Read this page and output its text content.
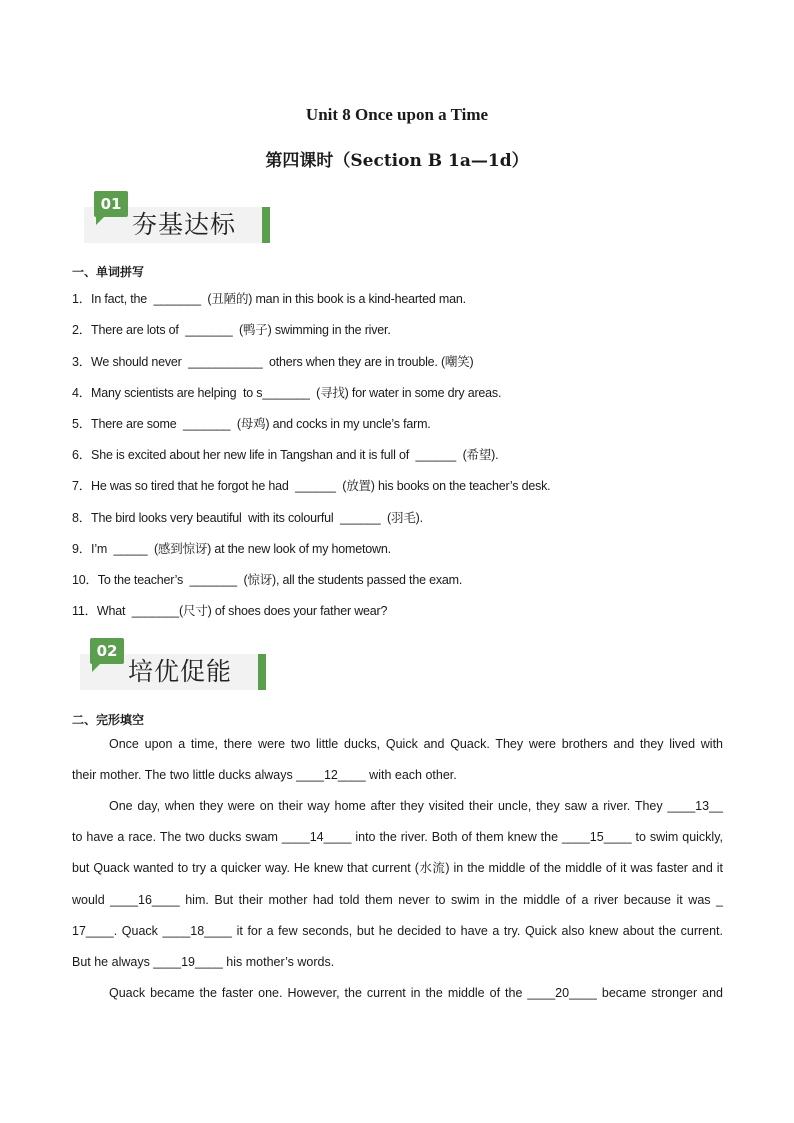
Unit 8 Once upon a Time
第四课时（Section B 1a—1d）
01
夯基达标
一、单词拼写
1．In fact, the  _______  (丑陋的) man in this book is a kind-hearted man.
2．There are lots of  _______  (鸭子) swimming in the river.
3．We should never  ___________  others when they are in trouble. (嘲笑)
4．Many scientists are helping  to s_______  (寻找) for water in some dry areas.
5．There are some  _______  (母鸡) and cocks in my uncle’s farm.
6．She is excited about her new life in Tangshan and it is full of  ______  (希望).
7．He was so tired that he forgot he had  ______  (放置) his books on the teacher’s desk.
8．The bird looks very beautiful  with its colourful  ______  (羽毛).
9．I’m  _____  (感到惊讶) at the new look of my hometown.
10．To the teacher’s  _______  (惊讶), all the students passed the exam.
11．What  _______(尺寸) of shoes does your father wear?
02
培优促能
二、完形填空
Once upon a time, there were two little ducks, Quick and Quack. They were brothers and they lived with
their mother. The two little ducks always ____12____ with each other.
One day, when they were on their way home after they visited their uncle, they saw a river. They ____13__
to have a race. The two ducks swam ____14____ into the river. Both of them knew the ____15____ to swim quickly,
but Quack wanted to try a quicker way. He knew that current (水流) in the middle of the middle of it was faster and it
would ____16____ him. But their mother had told them never to swim in the middle of a river because it was _
17____. Quack ____18____ it for a few seconds, but he decided to have a try. Quick also knew about the current.
But he always ____19____ his mother’s words.
Quack became the faster one. However, the current in the middle of the ____20____ became stronger and
